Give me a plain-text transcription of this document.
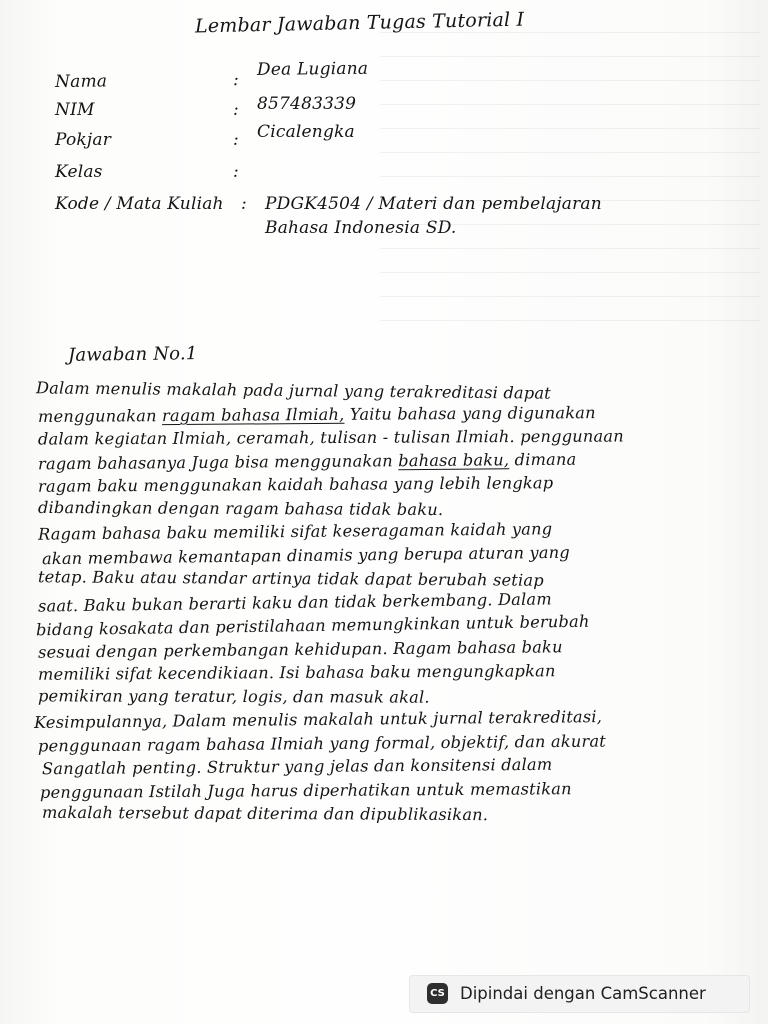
Lembar Jawaban Tugas Tutorial I
Nama	:
Dea Lugiana
NIM	: 857483339
Pokjar	: Cicalengka
Kelas	:
Kode / Mata Kuliah : PDGK4504 / Materi dan pembelajaran
Bahasa Indonesia SD.
Jawaban No.1
Dalam menulis makalah pada jurnal yang terakreditasi dapat
menggunakan ragam bahasa Ilmiah, Yaitu bahasa yang digunakan
dalam kegiatan Ilmiah, ceramah, tulisan - tulisan Ilmiah. penggunaan
ragam bahasanya Juga bisa menggunakan bahasa baku, dimana
ragam baku menggunakan kaidah bahasa yang lebih lengkap
dibandingkan dengan ragam bahasa tidak baku.
Ragam bahasa baku memiliki sifat keseragaman kaidah yang
akan membawa kemantapan dinamis yang berupa aturan yang
tetap. Baku atau standar artinya tidak dapat berubah setiap
saat. Baku bukan berarti kaku dan tidak berkembang. Dalam
bidang kosakata dan peristilahaan memungkinkan untuk berubah
sesuai dengan perkembangan kehidupan. Ragam bahasa baku
memiliki sifat kecendikiaan. Isi bahasa baku mengungkapkan
pemikiran yang teratur, logis, dan masuk akal.
Kesimpulannya, Dalam menulis makalah untuk jurnal terakreditasi,
penggunaan ragam bahasa Ilmiah yang formal, objektif, dan akurat
Sangatlah penting. Struktur yang jelas dan konsitensi dalam
penggunaan Istilah Juga harus diperhatikan untuk memastikan
makalah tersebut dapat diterima dan dipublikasikan.
CS Dipindai dengan CamScanner
